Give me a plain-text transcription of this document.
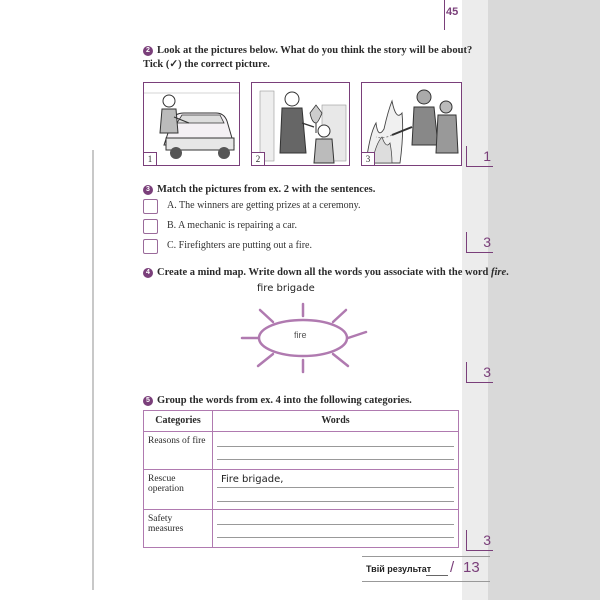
45
2 Look at the pictures below. What do you think the story will be about?
Tick (✓) the correct picture.
1	2	3	1
3 Match the pictures from ex. 2 with the sentences.
A. The winners are getting prizes at a ceremony.
B. A mechanic is repairing a car.
C. Firefighters are putting out a fire.	3
4 Create a mind map. Write down all the words you associate with the word fire.
fire brigade
fire
3
5 Group the words from ex. 4 into the following categories.
Categories	Words
Reasons of fire	

Rescue operation	Fire brigade,

Safety measures	
3
Твій результат / 13
